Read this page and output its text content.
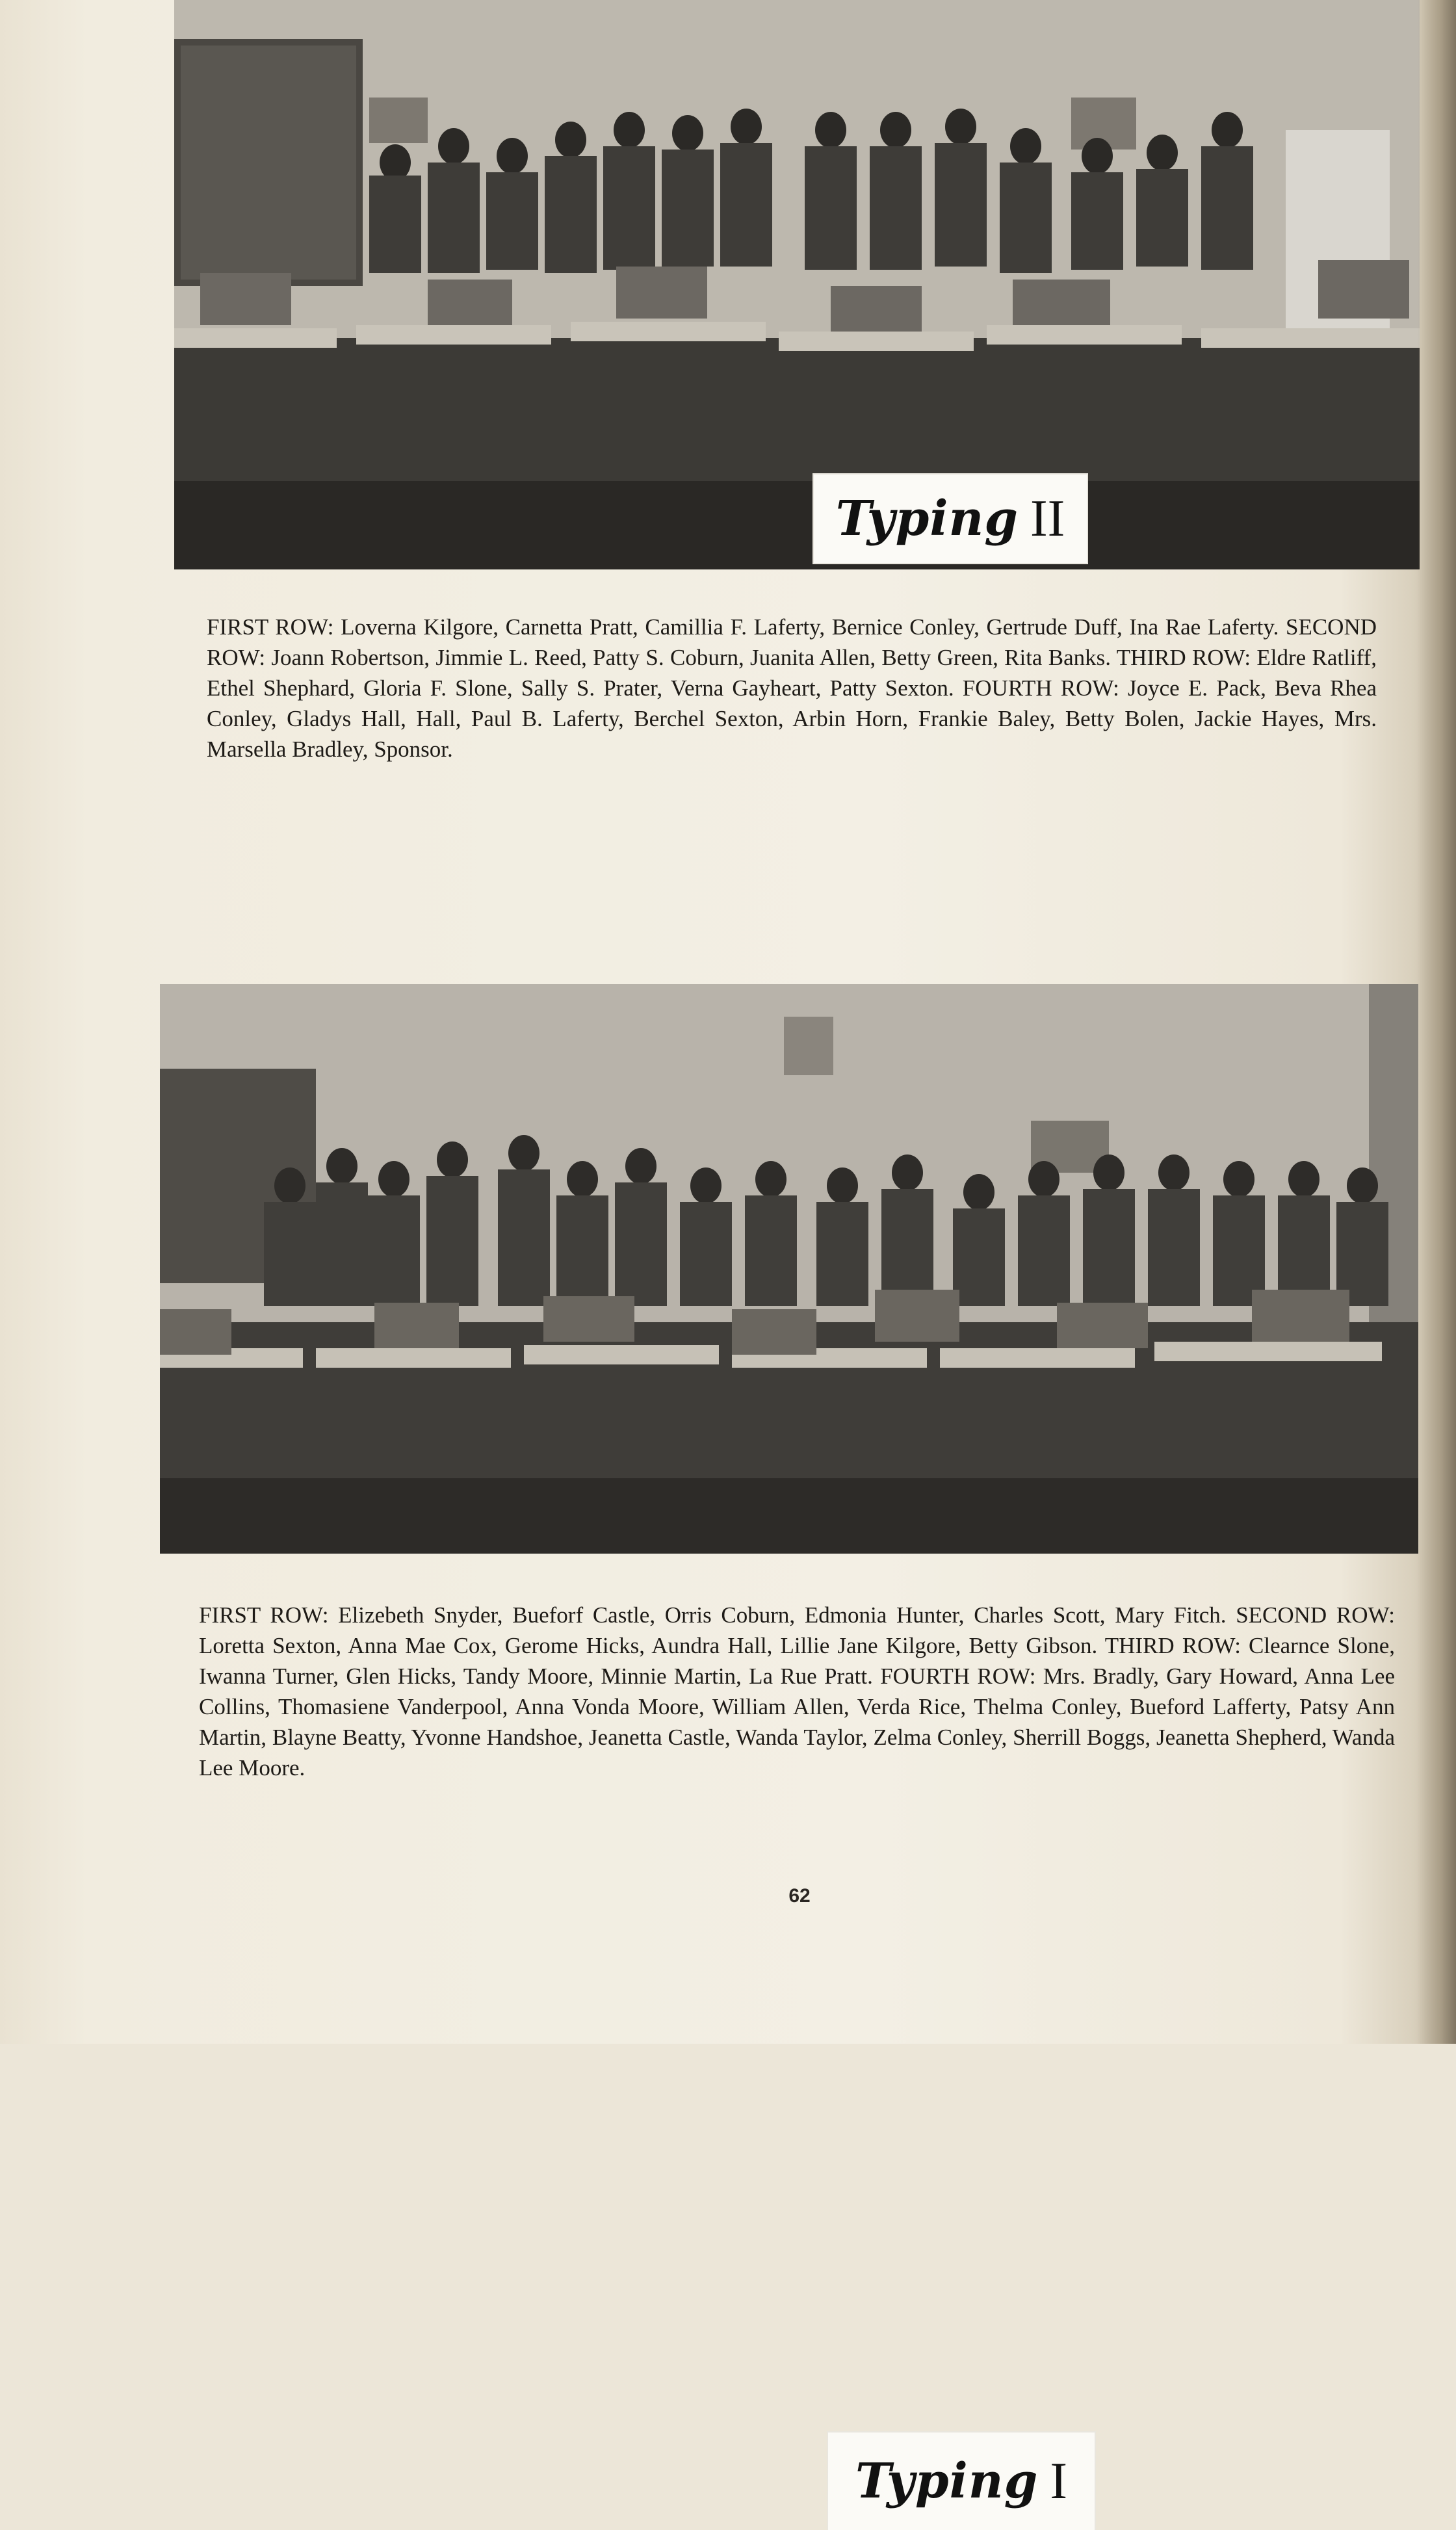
Typing II

FIRST ROW: Loverna Kilgore, Carnetta Pratt, Camillia F. Laferty, Bernice Conley, Gertrude Duff, Ina Rae Laferty. SECOND ROW: Joann Robertson, Jimmie L. Reed, Patty S. Coburn, Juanita Allen, Betty Green, Rita Banks. THIRD ROW: Eldre Ratliff, Ethel Shephard, Gloria F. Slone, Sally S. Prater, Verna Gayheart, Patty Sexton. FOURTH ROW: Joyce E. Pack, Beva Rhea Conley, Gladys Hall, Hall, Paul B. Laferty, Berchel Sexton, Arbin Horn, Frankie Baley, Betty Bolen, Jackie Hayes, Mrs. Marsella Bradley, Sponsor.

Typing I

FIRST ROW: Elizebeth Snyder, Bueforf Castle, Orris Coburn, Edmonia Hunter, Charles Scott, Mary Fitch. SECOND ROW: Loretta Sexton, Anna Mae Cox, Gerome Hicks, Aundra Hall, Lillie Jane Kilgore, Betty Gibson. THIRD ROW: Clearnce Slone, Iwanna Turner, Glen Hicks, Tandy Moore, Minnie Martin, La Rue Pratt. FOURTH ROW: Mrs. Bradly, Gary Howard, Anna Lee Collins, Thomasiene Vanderpool, Anna Vonda Moore, William Allen, Verda Rice, Thelma Conley, Bueford Lafferty, Patsy Ann Martin, Blayne Beatty, Yvonne Handshoe, Jeanetta Castle, Wanda Taylor, Zelma Conley, Sherrill Boggs, Jeanetta Shepherd, Wanda Lee Moore.

62
